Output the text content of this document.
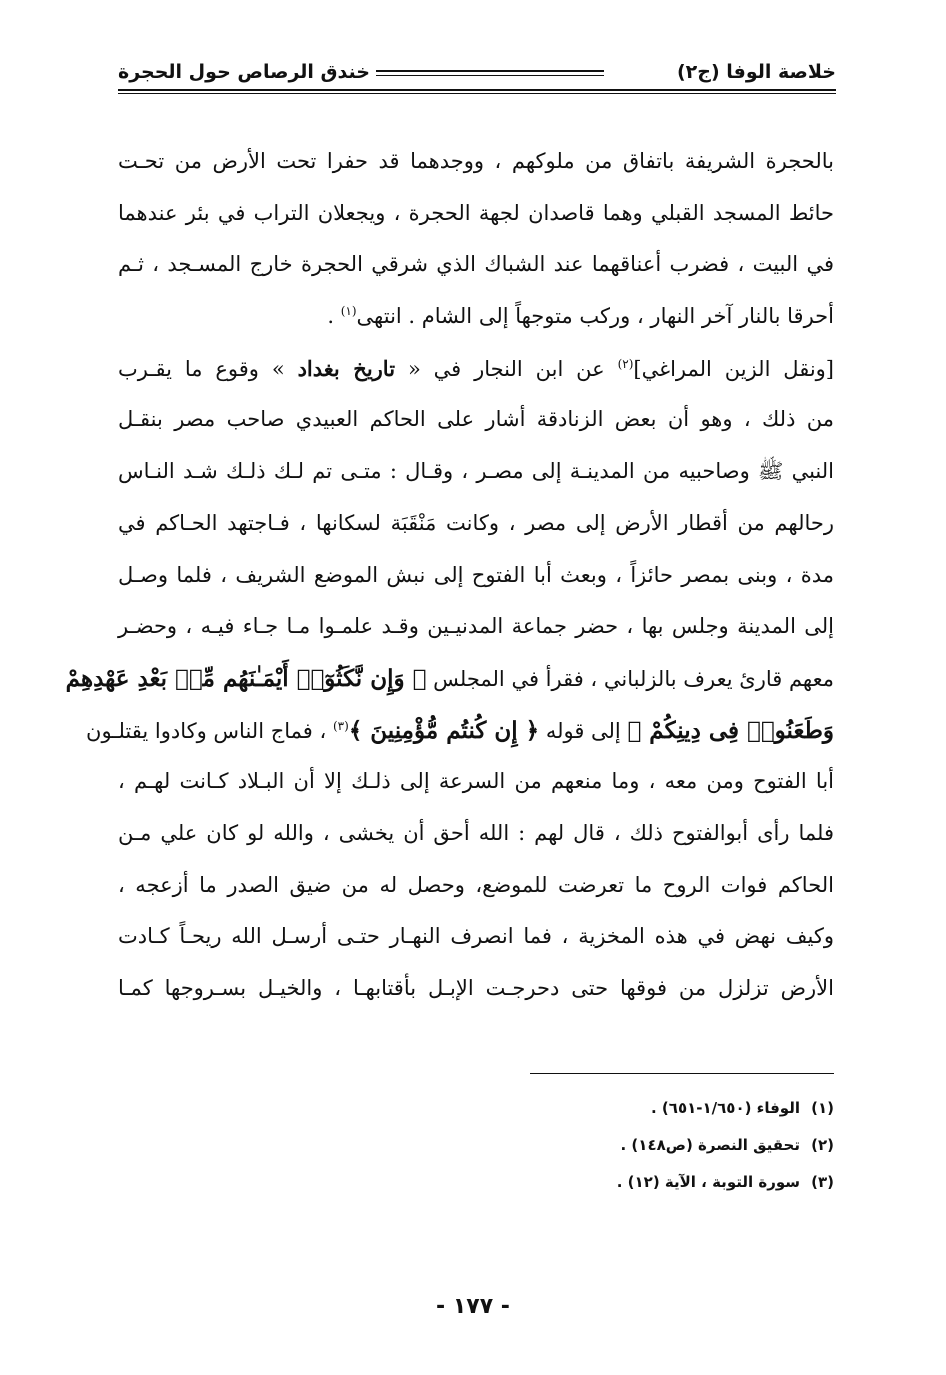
خلاصة الوفا (ج٢)
خندق الرصاص حول الحجرة
بالحجرة الشريفة باتفاق من ملوكهم ، ووجدهما قد حفرا تحت الأرض من تحـت
حائط المسجد القبلي وهما قاصدان لجهة الحجرة ، ويجعلان التراب في بئر عندهما
في البيت ، فضرب أعناقهما عند الشباك الذي شرقي الحجرة خارج المسـجد ، ثـم
أحرقا بالنار آخر النهار ، وركب متوجهاً إلى الشام . انتهى$^{(١)}$ .
[ونقل الزين المراغي]$^{(٢)}$ عن ابن النجار في « تاريخ بغداد » وقوع ما يقـرب
من ذلك ، وهو أن بعض الزنادقة أشار على الحاكم العبيدي صاحب مصر بنقـل
النبي ﷺ وصاحبيه من المدينـة إلى مصـر ، وقـال : متـى تم لـك ذلـك شـد النـاس
رحالهم من أقطار الأرض إلى مصر ، وكانت مَنْقَبَة لسكانها ، فـاجتهد الحـاكم في
مدة ، وبنى بمصر حائزاً ، وبعث أبا الفتوح إلى نبش الموضع الشريف ، فلما وصـل
إلى المدينة وجلس بها ، حضر جماعة المدنيـين وقـد علمـوا مـا جـاء فيـه ، وحضـر
معهم قارئ يعرف بالزلباني ، فقرأ في المجلس ﴿ وَإِن نَّكَثُوٓا۟ أَيْمَـٰنَهُم مِّنۢ بَعْدِ عَهْدِهِمْ
وَطَعَنُوا۟ فِى دِينِكُمْ ﴾ إلى قوله ﴿ إِن كُنتُم مُّؤْمِنِينَ ﴾$^{(٣)}$ ، فماج الناس وكادوا يقتلـون
أبا الفتوح ومن معه ، وما منعهم من السرعة إلى ذلـك إلا أن البـلاد كـانت لهـم ،
فلما رأى أبوالفتوح ذلك ، قال لهم : الله أحق أن يخشى ، والله لو كان علي مـن
الحاكم فوات الروح ما تعرضت للموضع، وحصل له من ضيق الصدر ما أزعجه ،
وكيف نهض في هذه المخزية ، فما انصرف النهـار حتـى أرسـل الله ريحـاً كـادت
الأرض تزلزل من فوقها حتى دحرجـت الإبـل بأقتابهـا ، والخيـل بسـروجها كمـا
(١)الوفاء (١/٦٥٠-٦٥١) .
(٢)تحقيق النصرة (ص١٤٨) .
(٣)سورة التوبة ، الآية (١٢) .
- ١٧٧ -
